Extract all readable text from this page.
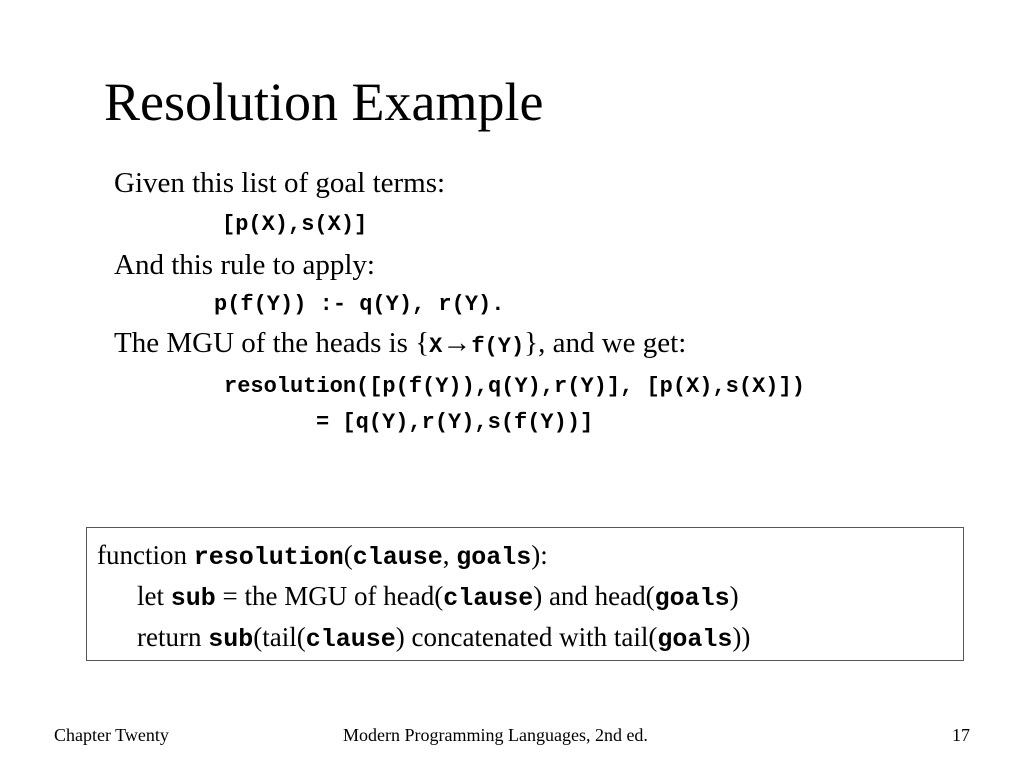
Resolution Example
Given this list of goal terms:
[p(X),s(X)]
And this rule to apply:
p(f(Y)) :- q(Y), r(Y).
The MGU of the heads is {X→f(Y)}, and we get:
resolution([p(f(Y)),q(Y),r(Y)], [p(X),s(X)])
= [q(Y),r(Y),s(f(Y))]
function resolution(clause, goals):
let sub = the MGU of head(clause) and head(goals)
return sub(tail(clause) concatenated with tail(goals))
Chapter Twenty	Modern Programming Languages, 2nd ed.	17
